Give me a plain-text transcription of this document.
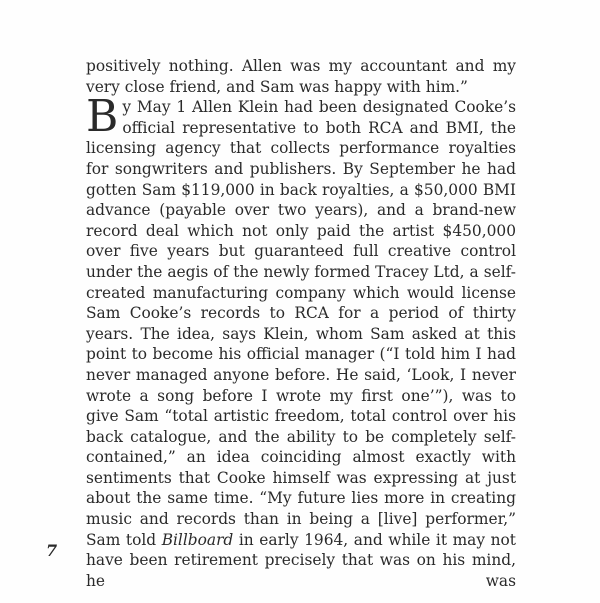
positively nothing. Allen was my accountant and my very close friend, and Sam was happy with him.”

By May 1 Allen Klein had been designated Cooke’s official representative to both RCA and BMI, the licensing agency that collects performance royalties for songwriters and publishers. By September he had gotten Sam $119,000 in back royalties, a $50,000 BMI advance (payable over two years), and a brand-new record deal which not only paid the artist $450,000 over five years but guaranteed full creative control under the aegis of the newly formed Tracey Ltd, a self-created manufacturing company which would license Sam Cooke’s records to RCA for a period of thirty years. The idea, says Klein, whom Sam asked at this point to become his official manager (“I told him I had never managed anyone before. He said, ‘Look, I never wrote a song before I wrote my first one’”), was to give Sam “total artistic freedom, total control over his back catalogue, and the ability to be completely self-contained,” an idea coinciding almost exactly with sentiments that Cooke himself was expressing at just about the same time. “My future lies more in creating music and records than in being a [live] performer,” Sam told Billboard in early 1964, and while it may not have been retirement precisely that was on his mind, he was

7
